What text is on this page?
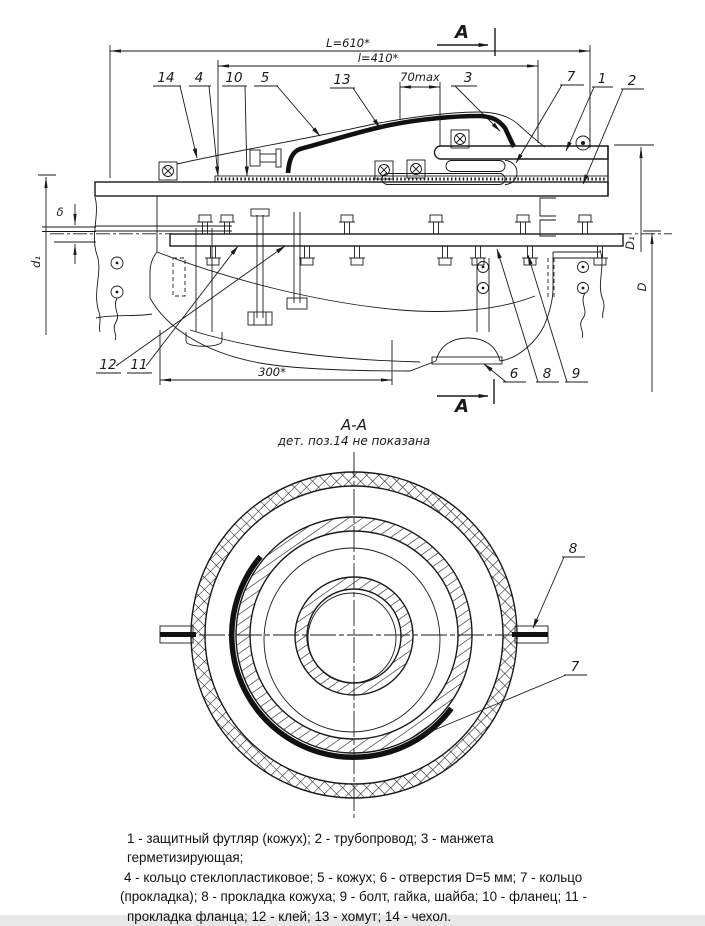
L=610*
l=410*
70max
А
А
14 4 10 5	13	3	7 1 2
δ
d₁
D₁
D
300*
12 11
6 8 9
А-А
дет. поз.14 не показана
8
7
1 - защитный футляр (кожух); 2 - трубопровод; 3 - манжета герметизирующая;
4 - кольцо стеклопластиковое; 5 - кожух; 6 - отверстия D=5 мм; 7 - кольцо
(прокладка); 8 - прокладка кожуха; 9 - болт, гайка, шайба; 10 - фланец; 11 -
прокладка фланца; 12 - клей; 13 - хомут; 14 - чехол.
